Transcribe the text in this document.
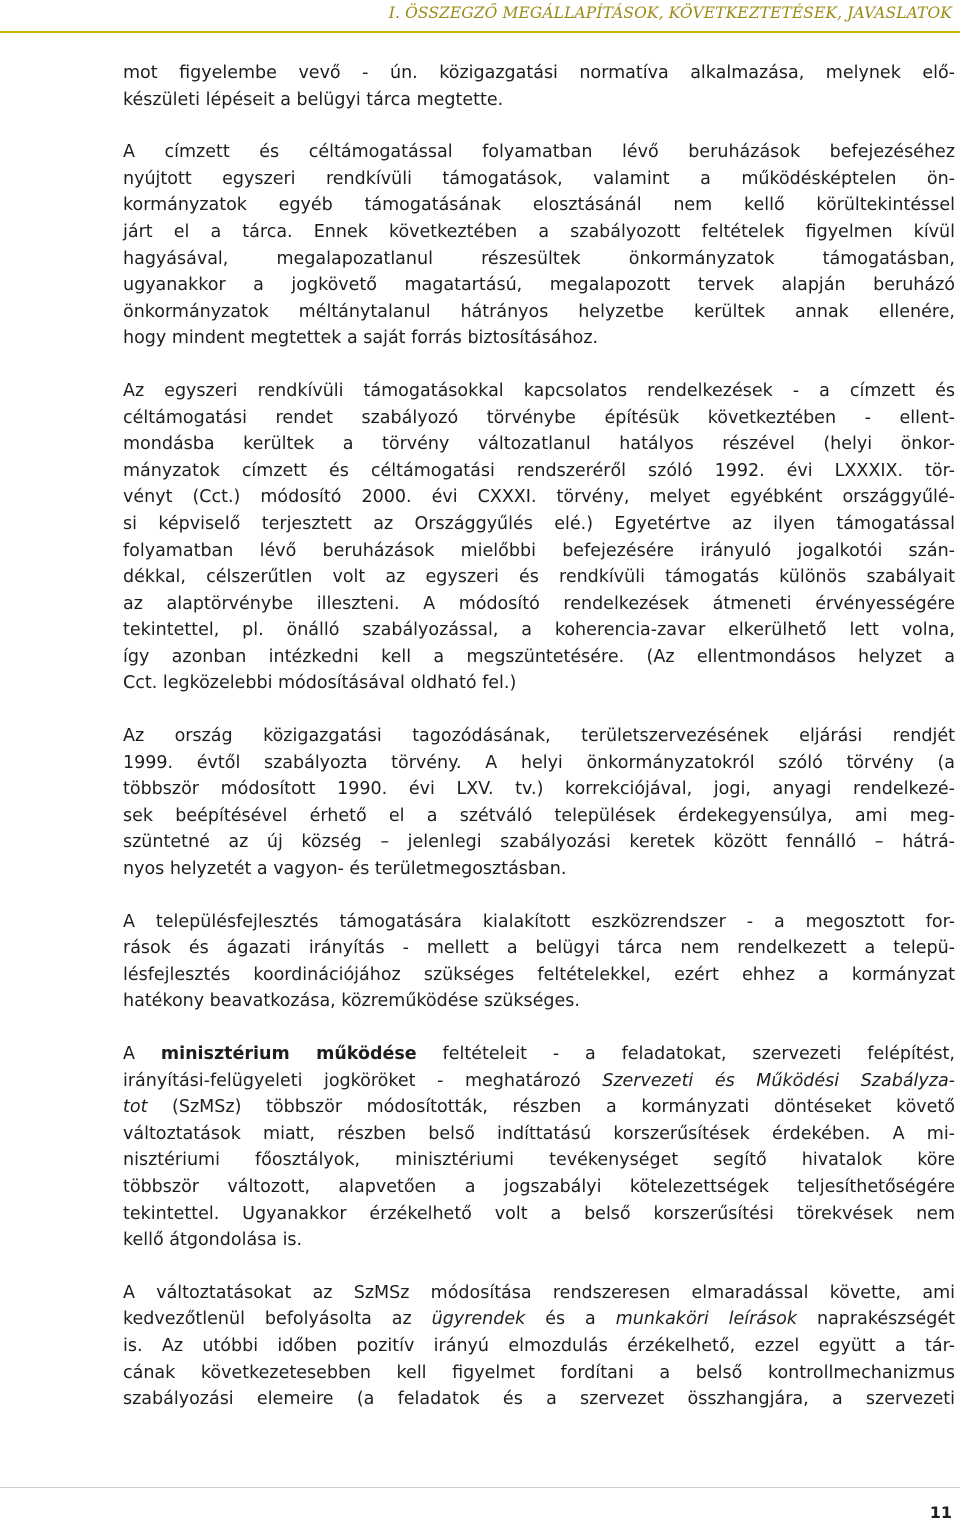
I. ÖSSZEGZŐ MEGÁLLAPÍTÁSOK, KÖVETKEZTETÉSEK, JAVASLATOK
mot figyelembe vevő - ún. közigazgatási normatíva alkalmazása, melynek elő-
készületi lépéseit a belügyi tárca megtette.
A címzett és céltámogatással folyamatban lévő beruházások befejezéséhez
nyújtott egyszeri rendkívüli támogatások, valamint a működésképtelen ön-
kormányzatok egyéb támogatásának elosztásánál nem kellő körültekintéssel
járt el a tárca. Ennek következtében a szabályozott feltételek figyelmen kívül
hagyásával, megalapozatlanul részesültek önkormányzatok támogatásban,
ugyanakkor a jogkövető magatartású, megalapozott tervek alapján beruházó
önkormányzatok méltánytalanul hátrányos helyzetbe kerültek annak ellenére,
hogy mindent megtettek a saját forrás biztosításához.
Az egyszeri rendkívüli támogatásokkal kapcsolatos rendelkezések - a címzett és
céltámogatási rendet szabályozó törvénybe építésük következtében - ellent-
mondásba kerültek a törvény változatlanul hatályos részével (helyi önkor-
mányzatok címzett és céltámogatási rendszeréről szóló 1992. évi LXXXIX. tör-
vényt (Cct.) módosító 2000. évi CXXXI. törvény, melyet egyébként országgyűlé-
si képviselő terjesztett az Országgyűlés elé.) Egyetértve az ilyen támogatással
folyamatban lévő beruházások mielőbbi befejezésére irányuló jogalkotói szán-
dékkal, célszerűtlen volt az egyszeri és rendkívüli támogatás különös szabályait
az alaptörvénybe illeszteni. A módosító rendelkezések átmeneti érvényességére
tekintettel, pl. önálló szabályozással, a koherencia-zavar elkerülhető lett volna,
így azonban intézkedni kell a megszüntetésére. (Az ellentmondásos helyzet a
Cct. legközelebbi módosításával oldható fel.)
Az ország közigazgatási tagozódásának, területszervezésének eljárási rendjét
1999. évtől szabályozta törvény. A helyi önkormányzatokról szóló törvény (a
többször módosított 1990. évi LXV. tv.) korrekciójával, jogi, anyagi rendelkezé-
sek beépítésével érhető el a szétváló települések érdekegyensúlya, ami meg-
szüntetné az új község – jelenlegi szabályozási keretek között fennálló – hátrá-
nyos helyzetét a vagyon- és területmegosztásban.
A településfejlesztés támogatására kialakított eszközrendszer - a megosztott for-
rások és ágazati irányítás - mellett a belügyi tárca nem rendelkezett a telepü-
lésfejlesztés koordinációjához szükséges feltételekkel, ezért ehhez a kormányzat
hatékony beavatkozása, közreműködése szükséges.
A minisztérium működése feltételeit - a feladatokat, szervezeti felépítést,
irányítási-felügyeleti jogköröket - meghatározó Szervezeti és Működési Szabályza-
tot (SzMSz) többször módosították, részben a kormányzati döntéseket követő
változtatások miatt, részben belső indíttatású korszerűsítések érdekében. A mi-
nisztériumi főosztályok, minisztériumi tevékenységet segítő hivatalok köre
többször változott, alapvetően a jogszabályi kötelezettségek teljesíthetőségére
tekintettel. Ugyanakkor érzékelhető volt a belső korszerűsítési törekvések nem
kellő átgondolása is.
A változtatásokat az SzMSz módosítása rendszeresen elmaradással követte, ami
kedvezőtlenül befolyásolta az ügyrendek és a munkaköri leírások naprakészségét
is. Az utóbbi időben pozitív irányú elmozdulás érzékelhető, ezzel együtt a tár-
cának következetesebben kell figyelmet fordítani a belső kontrollmechanizmus
szabályozási elemeire (a feladatok és a szervezet összhangjára, a szervezeti
11
